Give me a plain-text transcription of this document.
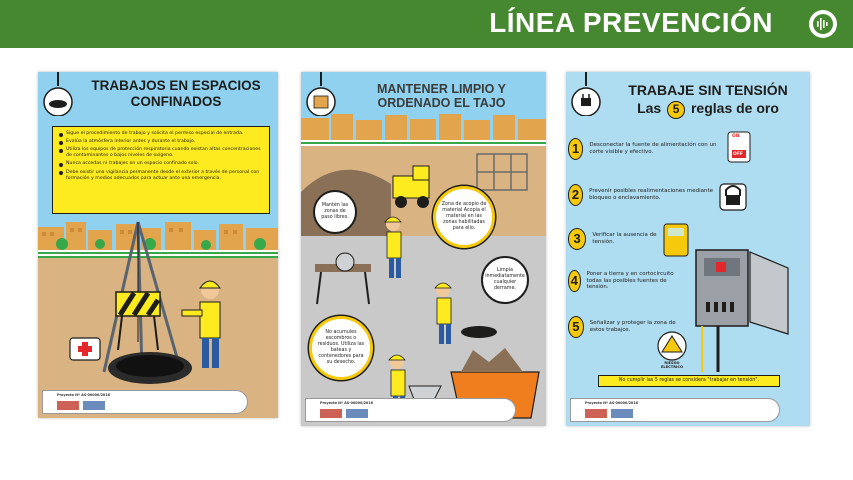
LÍNEA PREVENCIÓN
TRABAJOS EN ESPACIOS
CONFINADOS
Sigue el procedimiento de trabajo y solicita el permiso especial de entrada.
Evalúa la atmósfera interior antes y durante el trabajo.
Utiliza los equipos de protección respiratoria cuando existan altas concentraciones de contaminantes o bajos niveles de oxígeno.
Nunca accedas ni trabajes en un espacio confinado solo.
Debe existir una vigilancia permanente desde el exterior a través de personal con formación y medios adecuados para actuar ante una emergencia.
Proyecto Nº AS-00000/2016
MANTENER LIMPIO Y
ORDENADO EL TAJO
Mantén las zonas de paso libres.
Zona de acopio de material Acopia el material en las zonas habilitadas para ello.
Limpia inmediatamente cualquier derrame.
No acumules escombros o residuos. Utiliza las bateas y contenedores para su desecho.
Proyecto Nº AS-00000/2016
TRABAJE SIN TENSIÓN
Las 5 reglas de oro
ON
OFF
1	Desconectar la fuente de alimentación con un corte visible y efectivo.
2	Prevenir posibles realimentaciones mediante bloqueo o enclavamiento.
3	Verificar la ausencia de tensión.
4	Poner a tierra y en cortocircuito todas las posibles fuentes de tensión.
5	Señalizar y proteger la zona de estos trabajos.
RIESGO ELÉCTRICO
No cumplir las 5 reglas se considera "trabajar en tensión".
Proyecto Nº AS-00000/2016
